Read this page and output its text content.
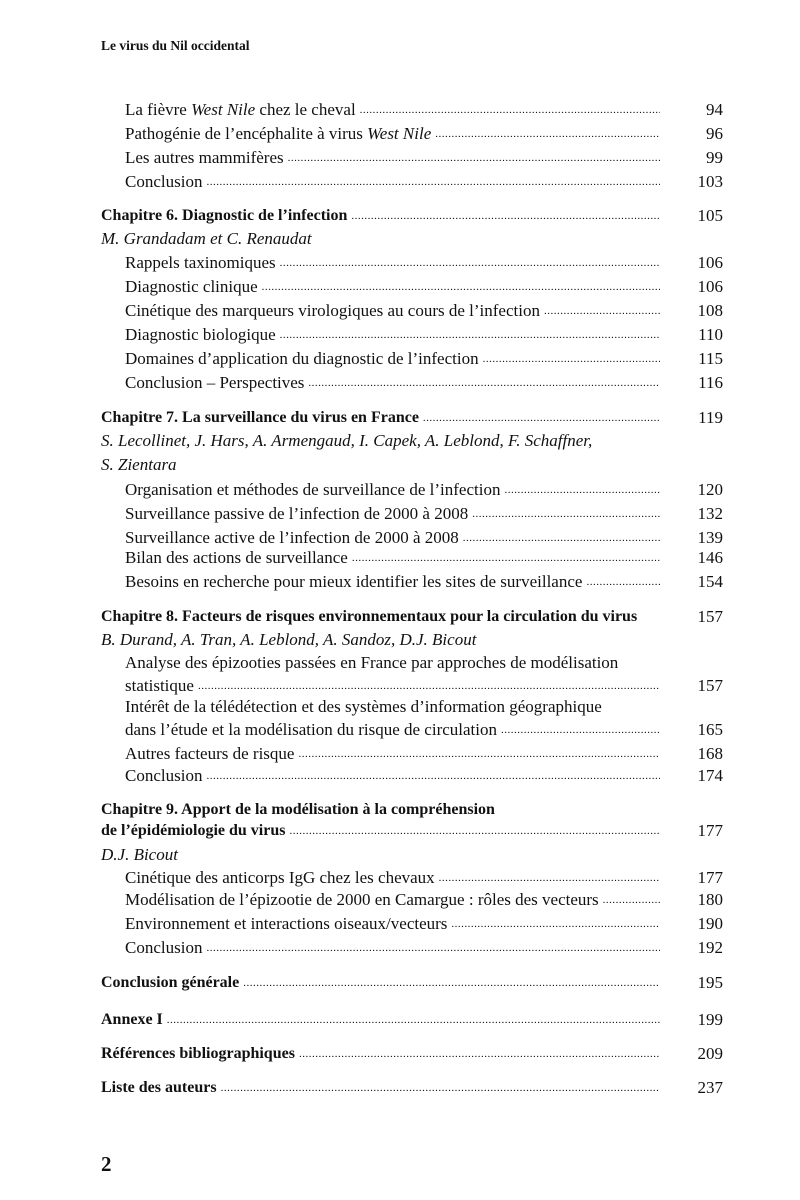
Le virus du Nil occidental
La fièvre West Nile chez le cheval .....	94
Pathogénie de l’encéphalite à virus West Nile .....	96
Les autres mammifères .....	99
Conclusion .....	103
Chapitre 6. Diagnostic de l’infection .....	105
M. Grandadam et C. Renaudat
Rappels taxinomiques .....	106
Diagnostic clinique .....	106
Cinétique des marqueurs virologiques au cours de l’infection .....	108
Diagnostic biologique .....	110
Domaines d’application du diagnostic de l’infection .....	115
Conclusion – Perspectives .....	116
Chapitre 7. La surveillance du virus en France .....	119
S. Lecollinet, J. Hars, A. Armengaud, I. Capek, A. Leblond, F. Schaffner,
S. Zientara
Organisation et méthodes de surveillance de l’infection .....	120
Surveillance passive de l’infection de 2000 à 2008 .....	132
Surveillance active de l’infection de 2000 à 2008 .....	139
Bilan des actions de surveillance .....	146
Besoins en recherche pour mieux identifier les sites de surveillance .....	154
Chapitre 8. Facteurs de risques environnementaux pour la circulation du virus	157
B. Durand, A. Tran, A. Leblond, A. Sandoz, D.J. Bicout
Analyse des épizooties passées en France par approches de modélisation
statistique .....	157
Intérêt de la télédétection et des systèmes d’information géographique
dans l’étude et la modélisation du risque de circulation .....	165
Autres facteurs de risque .....	168
Conclusion .....	174
Chapitre 9. Apport de la modélisation à la compréhension
de l’épidémiologie du virus .....	177
D.J. Bicout
Cinétique des anticorps IgG chez les chevaux .....	177
Modélisation de l’épizootie de 2000 en Camargue : rôles des vecteurs .....	180
Environnement et interactions oiseaux/vecteurs .....	190
Conclusion .....	192
Conclusion générale .....	195
Annexe I .....	199
Références bibliographiques .....	209
Liste des auteurs .....	237
2
